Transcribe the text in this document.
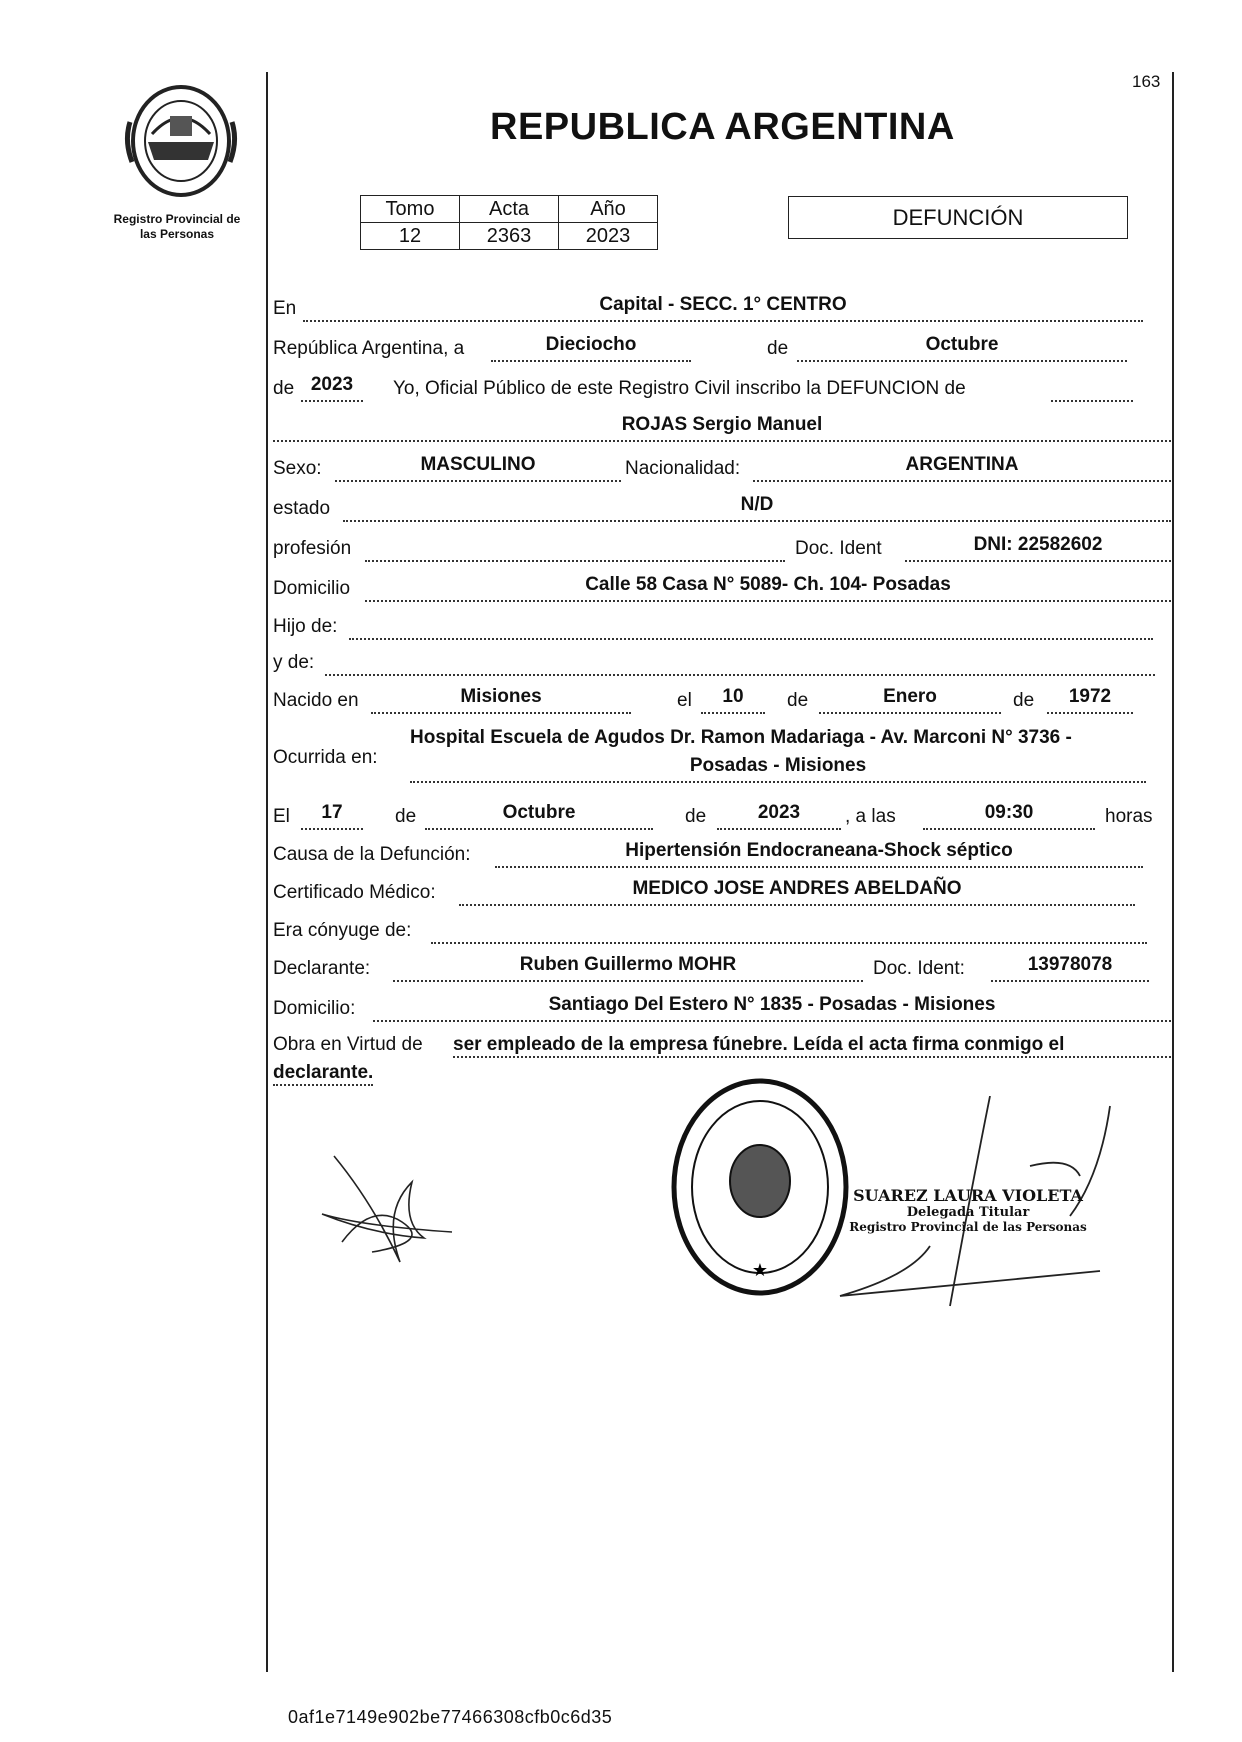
Registro Provincial de
las Personas
163
REPUBLICA ARGENTINA
Tomo	Acta	Año
12	2363	2023
DEFUNCIÓN
En	Capital - SECC. 1° CENTRO
República Argentina, a	Dieciocho	de	Octubre
de 2023	Yo, Oficial Público de este Registro Civil inscribo la DEFUNCION de
ROJAS Sergio Manuel
Sexo:	MASCULINO	Nacionalidad:	ARGENTINA
estado	N/D
profesión	Doc. Ident	DNI: 22582602
Domicilio	Calle 58 Casa N° 5089- Ch. 104- Posadas
Hijo de:
y de:
Nacido en	Misiones	el	10	de	Enero	de	1972
Ocurrida en:
Hospital Escuela de Agudos Dr. Ramon Madariaga - Av. Marconi N° 3736 -
Posadas - Misiones
El	17	de	Octubre	de	2023	, a las	09:30	horas
Causa de la Defunción:	Hipertensión Endocraneana-Shock séptico
Certificado Médico:	MEDICO JOSE ANDRES ABELDAÑO
Era cónyuge de:
Declarante:	Ruben Guillermo MOHR	Doc. Ident:	13978078
Domicilio:	Santiago Del Estero N° 1835 - Posadas - Misiones
Obra en Virtud de ser empleado de la empresa fúnebre. Leída el acta firma conmigo el
declarante.
★
SUAREZ LAURA VIOLETA
Delegada Titular
Registro Provincial de las Personas
0af1e7149e902be77466308cfb0c6d35
